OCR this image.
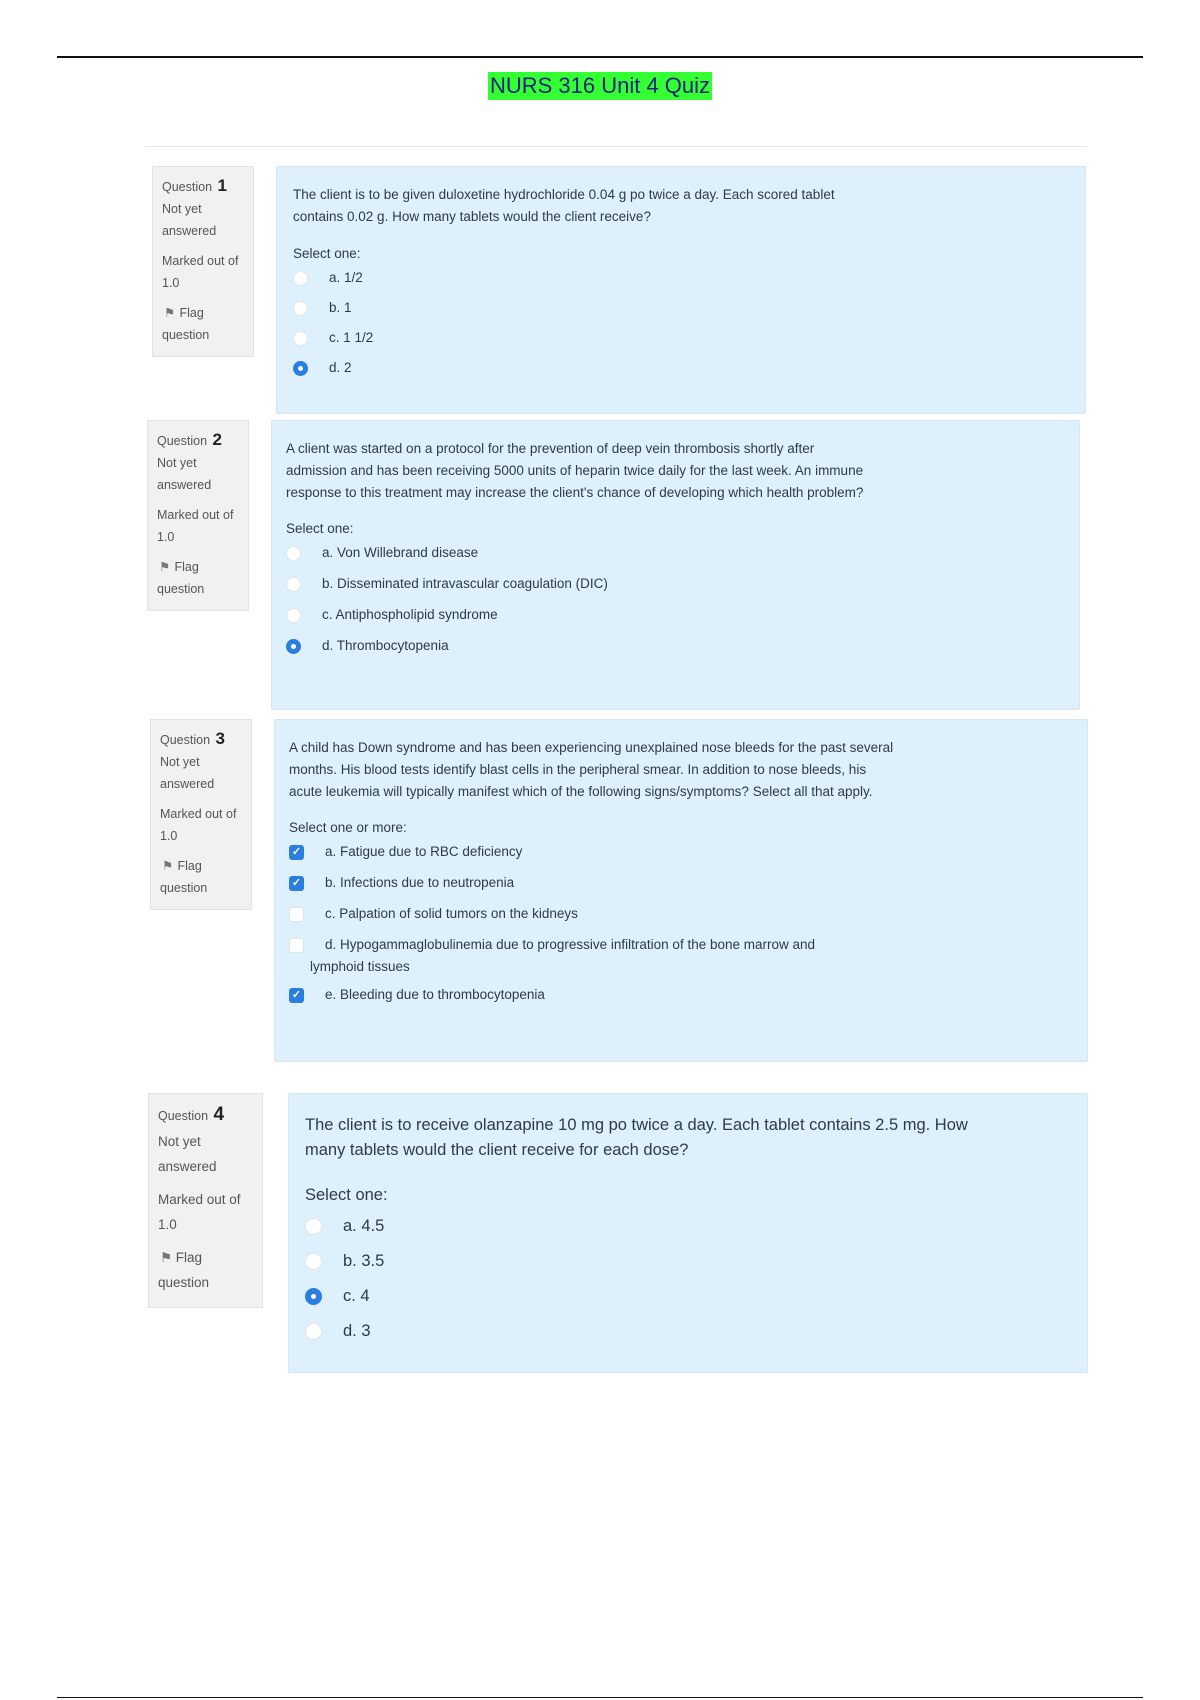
NURS 316 Unit 4 Quiz
Question 1
Not yet
answered
Marked out of
1.0
⚑ Flag
question
The client is to be given duloxetine hydrochloride 0.04 g po twice a day. Each scored tablet contains 0.02 g. How many tablets would the client receive?
Select one:
a. 1/2
b. 1
c. 1 1/2
d. 2
Question 2
Not yet
answered
Marked out of
1.0
⚑ Flag
question
A client was started on a protocol for the prevention of deep vein thrombosis shortly after admission and has been receiving 5000 units of heparin twice daily for the last week. An immune response to this treatment may increase the client's chance of developing which health problem?
Select one:
a. Von Willebrand disease
b. Disseminated intravascular coagulation (DIC)
c. Antiphospholipid syndrome
d. Thrombocytopenia
Question 3
Not yet
answered
Marked out of
1.0
⚑ Flag
question
A child has Down syndrome and has been experiencing unexplained nose bleeds for the past several months. His blood tests identify blast cells in the peripheral smear. In addition to nose bleeds, his acute leukemia will typically manifest which of the following signs/symptoms? Select all that apply.
Select one or more:
✓ a. Fatigue due to RBC deficiency
✓ b. Infections due to neutropenia
c. Palpation of solid tumors on the kidneys
d. Hypogammaglobulinemia due to progressive infiltration of the bone marrow and
lymphoid tissues
✓ e. Bleeding due to thrombocytopenia
Question 4
Not yet
answered
Marked out of
1.0
⚑ Flag
question
The client is to receive olanzapine 10 mg po twice a day. Each tablet contains 2.5 mg. How many tablets would the client receive for each dose?
Select one:
a. 4.5
b. 3.5
c. 4
d. 3
